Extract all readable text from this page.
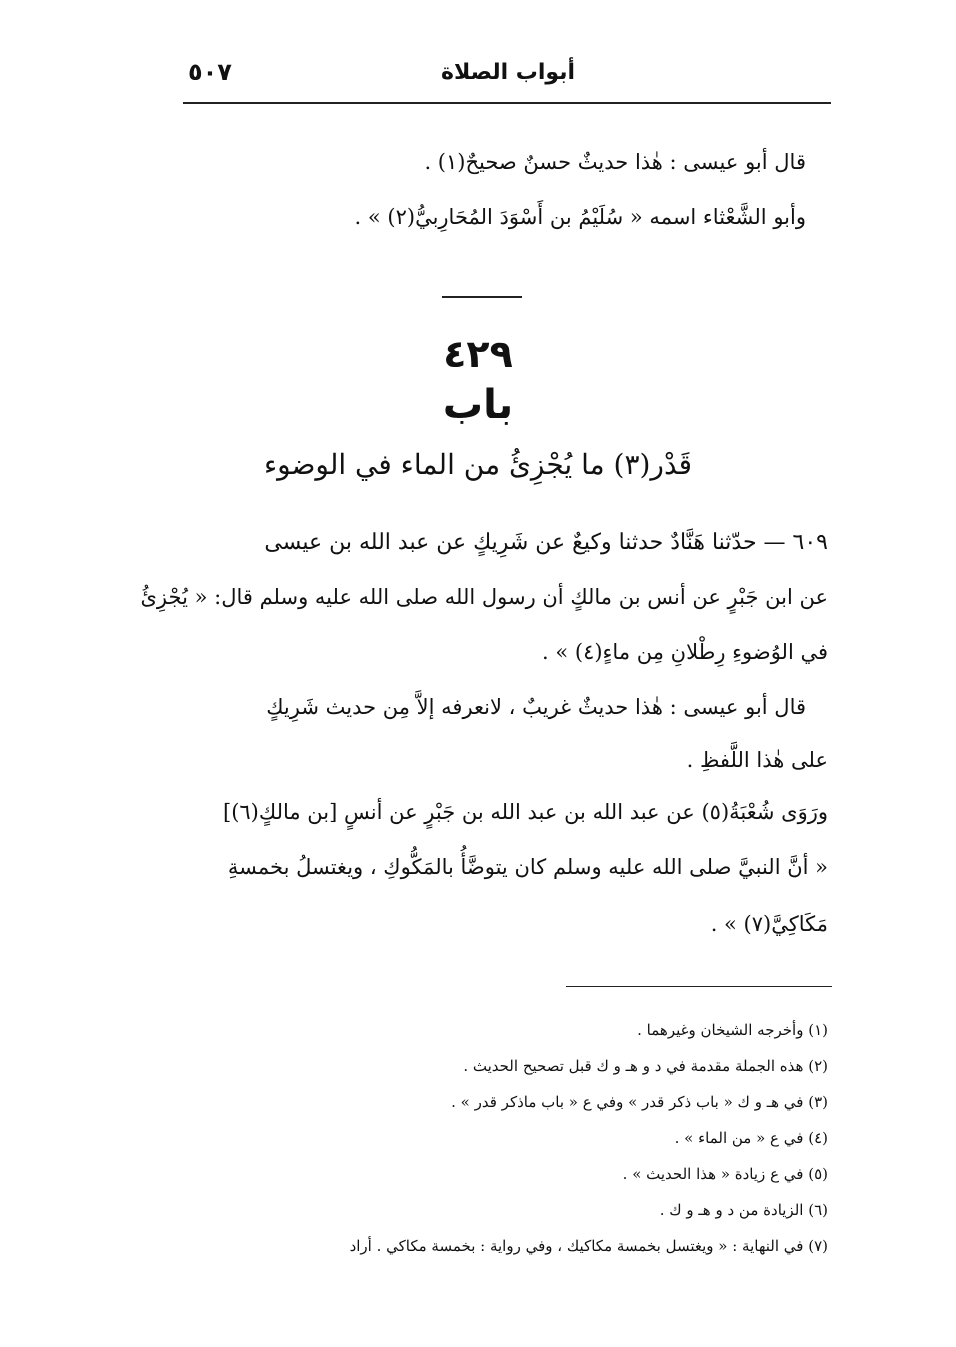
أبواب الصلاة
٥٠٧
قال أبو عيسى : هٰذا حديثٌ حسنٌ صحيحٌ(١) .
وأبو الشَّعْثاء اسمه « سُلَيْمُ بن أَسْوَدَ المُحَارِبيُّ(٢) » .
٤٢٩
باب
قَدْر(٣) ما يُجْزِئُ من الماء في الوضوء
٦٠٩ — حدّثنا هَنَّادٌ حدثنا وكيعٌ عن شَرِيكٍ عن عبد الله بن عيسى
عن ابن جَبْرٍ عن أنس بن مالكٍ أن رسول الله صلى الله عليه وسلم قال: « يُجْزِئُ
في الوُضوءِ رِطْلانِ مِن ماءٍ(٤) » .
قال أبو عيسى : هٰذا حديثٌ غريبٌ ، لانعرفه إلاَّ مِن حديث شَرِيكٍ
على هٰذا اللَّفظِ .
ورَوَى شُعْبَةُ(٥) عن عبد الله بن عبد الله بن جَبْرٍ عن أنسٍ [بن مالكٍ(٦)]
« أنَّ النبيَّ صلى الله عليه وسلم كان يتوضَّأُ بالمَكُّوكِ ، ويغتسلُ بخمسةِ
مَكَاكِيَّ(٧) » .
(١) وأخرجه الشيخان وغيرهما .
(٢) هذه الجملة مقدمة في د و هـ و ك قبل تصحيح الحديث .
(٣) في هـ و ك « باب ذكر قدر » وفي ع « باب ماذكر قدر » .
(٤) في ع « من الماء » .
(٥) في ع زيادة « هذا الحديث » .
(٦) الزيادة من د و هـ و ك .
(٧) في النهاية : « ويغتسل بخمسة مكاكيك ، وفي رواية : بخمسة مكاكي . أراد
